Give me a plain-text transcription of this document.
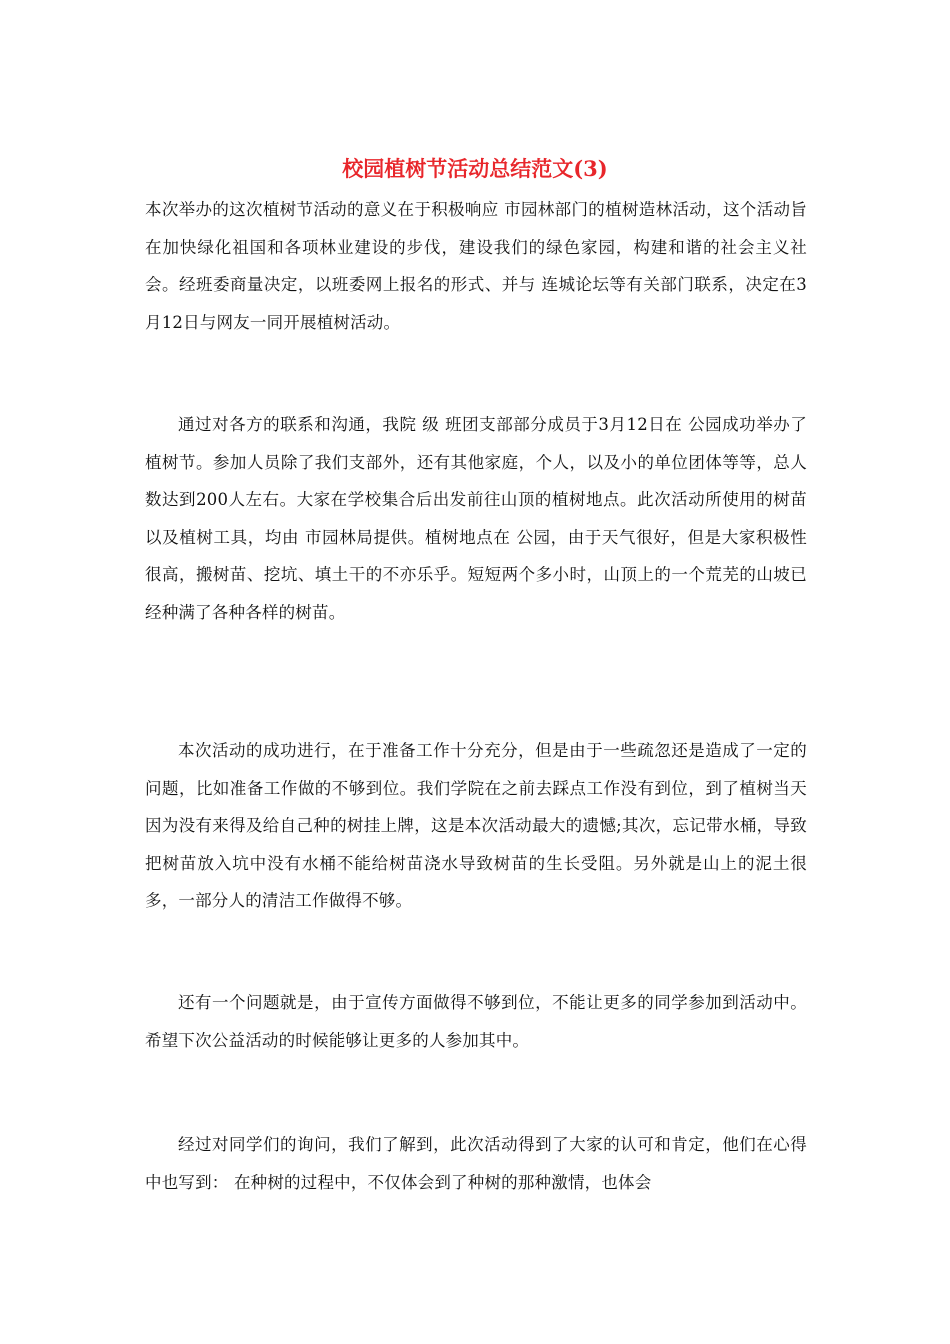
校园植树节活动总结范文(3)

本次举办的这次植树节活动的意义在于积极响应 市园林部门的植树造林活动，这个活动旨在加快绿化祖国和各项林业建设的步伐，建设我们的绿色家园，构建和谐的社会主义社会。经班委商量决定，以班委网上报名的形式、并与 连城论坛等有关部门联系，决定在3月12日与网友一同开展植树活动。

通过对各方的联系和沟通，我院 级 班团支部部分成员于3月12日在 公园成功举办了植树节。参加人员除了我们支部外，还有其他家庭，个人，以及小的单位团体等等，总人数达到200人左右。大家在学校集合后出发前往山顶的植树地点。此次活动所使用的树苗以及植树工具，均由 市园林局提供。植树地点在 公园，由于天气很好，但是大家积极性很高，搬树苗、挖坑、填土干的不亦乐乎。短短两个多小时，山顶上的一个荒芜的山坡已经种满了各种各样的树苗。

本次活动的成功进行，在于准备工作十分充分，但是由于一些疏忽还是造成了一定的问题，比如准备工作做的不够到位。我们学院在之前去踩点工作没有到位，到了植树当天因为没有来得及给自己种的树挂上牌，这是本次活动最大的遗憾;其次，忘记带水桶，导致把树苗放入坑中没有水桶不能给树苗浇水导致树苗的生长受阻。另外就是山上的泥土很多，一部分人的清洁工作做得不够。

还有一个问题就是，由于宣传方面做得不够到位，不能让更多的同学参加到活动中。希望下次公益活动的时候能够让更多的人参加其中。

经过对同学们的询问，我们了解到，此次活动得到了大家的认可和肯定，他们在心得中也写到： 在种树的过程中，不仅体会到了种树的那种激情，也体会
